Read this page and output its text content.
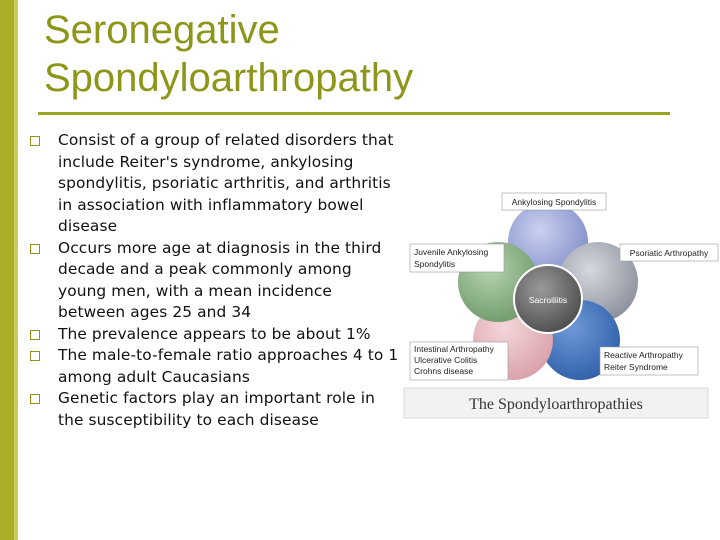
Seronegative
Spondyloarthropathy
Consist of a group of related disorders that include Reiter's syndrome, ankylosing spondylitis, psoriatic arthritis, and arthritis in association with inflammatory bowel disease
Occurs more age at diagnosis in the third decade and a peak commonly among young men, with a mean incidence between ages 25 and 34
The prevalence appears to be about 1%
The male-to-female ratio approaches 4 to 1 among adult Caucasians
Genetic factors play an important role in the susceptibility to each disease
Ankylosing Spondylitis
Psoriatic Arthropathy
Juvenile Ankylosing
Spondylitis
Sacroiliitis
Intestinal Arthropathy
Ulcerative Colitis
Crohns disease
Reactive Arthropathy
Reiter Syndrome
The Spondyloarthropathies
